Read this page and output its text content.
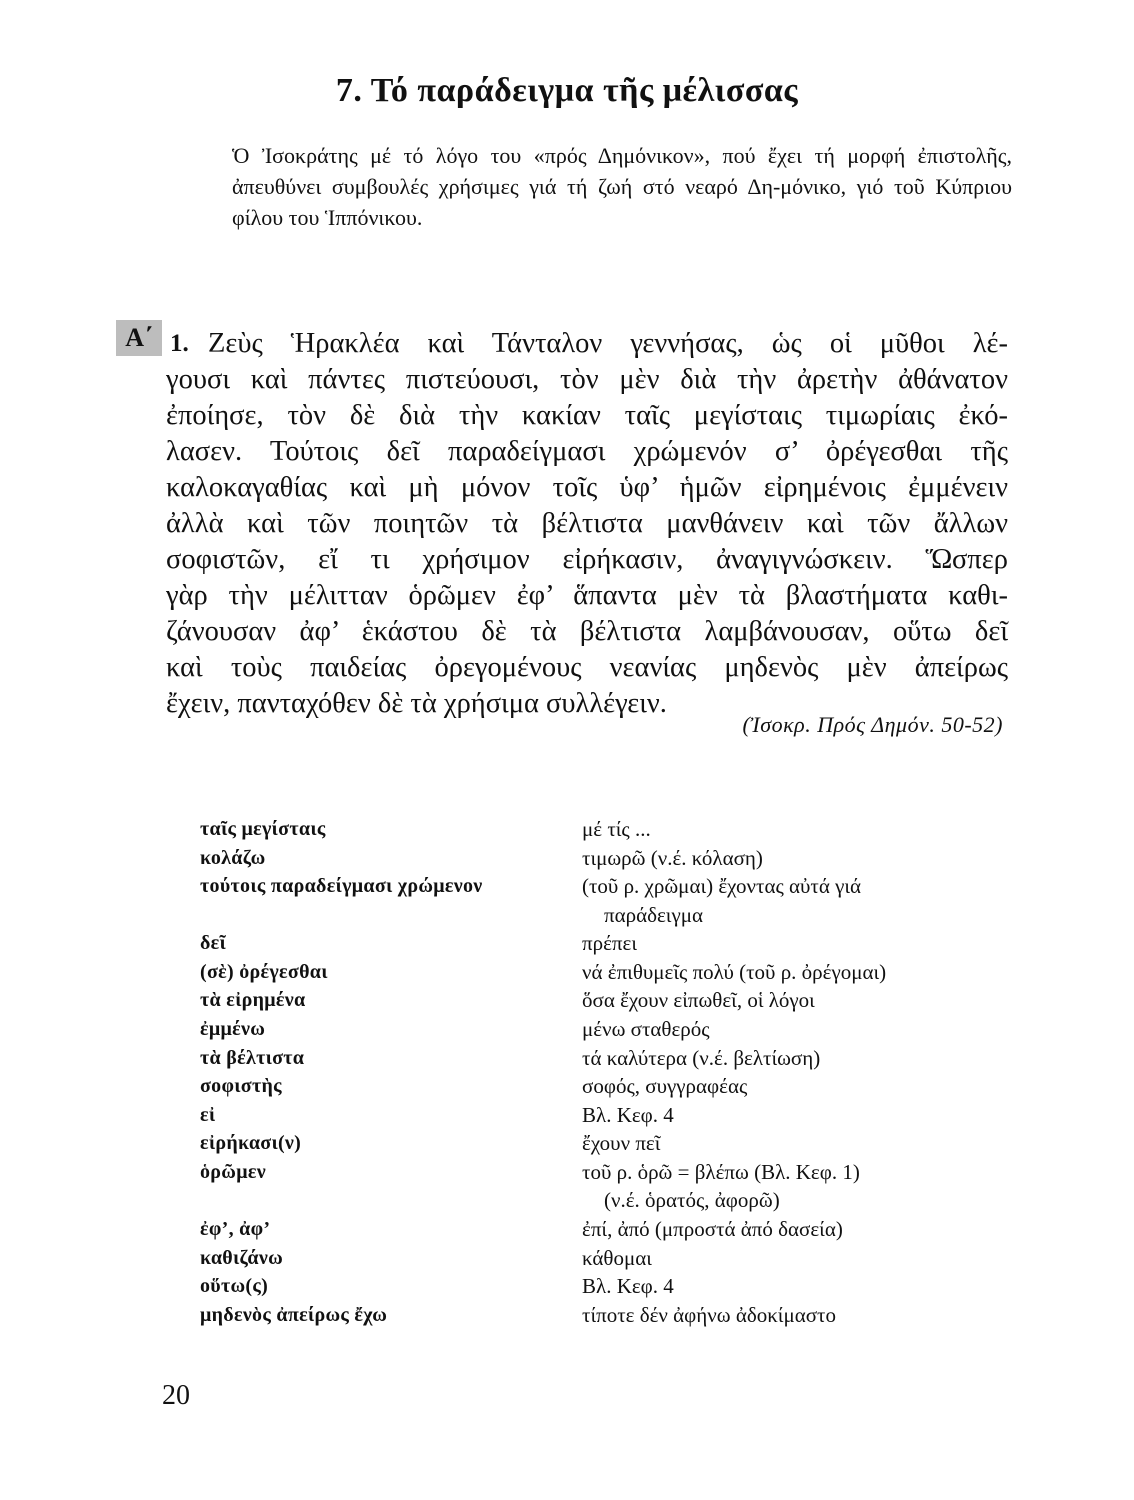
7. Τό παράδειγμα τῆς μέλισσας
Ὁ Ἰσοκράτης μέ τό λόγο του «πρός Δημόνικον», πού ἔχει τή μορφή ἐπιστολῆς, ἀπευθύνει συμβουλές χρήσιμες γιά τή ζωή στό νεαρό Δη-μόνικο, γιό τοῦ Κύπριου φίλου του Ἱππόνικου.
Α΄ 1. Ζεὺς Ἡρακλέα καὶ Τάνταλον γεννήσας, ὡς οἱ μῦθοι λέ-
γουσι καὶ πάντες πιστεύουσι, τὸν μὲν διὰ τὴν ἀρετὴν ἀθάνατον
ἐποίησε, τὸν δὲ διὰ τὴν κακίαν ταῖς μεγίσταις τιμωρίαις ἐκό-
λασεν. Τούτοις δεῖ παραδείγμασι χρώμενόν σ’ ὀρέγεσθαι τῆς
καλοκαγαθίας καὶ μὴ μόνον τοῖς ὑφ’ ἡμῶν εἰρημένοις ἐμμένειν
ἀλλὰ καὶ τῶν ποιητῶν τὰ βέλτιστα μανθάνειν καὶ τῶν ἄλλων
σοφιστῶν, εἴ τι χρήσιμον εἰρήκασιν, ἀναγιγνώσκειν. Ὥσπερ
γὰρ τὴν μέλιτταν ὁρῶμεν ἐφ’ ἅπαντα μὲν τὰ βλαστήματα καθι-
ζάνουσαν ἀφ’ ἑκάστου δὲ τὰ βέλτιστα λαμβάνουσαν, οὕτω δεῖ
καὶ τοὺς παιδείας ὀρεγομένους νεανίας μηδενὸς μὲν ἀπείρως
ἔχειν, πανταχόθεν δὲ τὰ χρήσιμα συλλέγειν.
(Ἰσοκρ. Πρός Δημόν. 50-52)
ταῖς μεγίσταις	μέ τίς ...
κολάζω	τιμωρῶ (ν.έ. κόλαση)
τούτοις παραδείγμασι χρώμενον	(τοῦ ρ. χρῶμαι) ἔχοντας αὐτά γιά
παράδειγμα
δεῖ	πρέπει
(σὲ) ὀρέγεσθαι	νά ἐπιθυμεῖς πολύ (τοῦ ρ. ὀρέγομαι)
τὰ εἰρημένα	ὅσα ἔχουν εἰπωθεῖ, οἱ λόγοι
ἐμμένω	μένω σταθερός
τὰ βέλτιστα	τά καλύτερα (ν.έ. βελτίωση)
σοφιστὴς	σοφός, συγγραφέας
εἰ	Βλ. Κεφ. 4
εἰρήκασι(ν)	ἔχουν πεῖ
ὁρῶμεν	τοῦ ρ. ὁρῶ = βλέπω (Βλ. Κεφ. 1)
(ν.έ. ὁρατός, ἀφορῶ)
ἐφ’, ἀφ’	ἐπί, ἀπό (μπροστά ἀπό δασεία)
καθιζάνω	κάθομαι
οὕτω(ς)	Βλ. Κεφ. 4
μηδενὸς ἀπείρως ἔχω	τίποτε δέν ἀφήνω ἀδοκίμαστο
20
